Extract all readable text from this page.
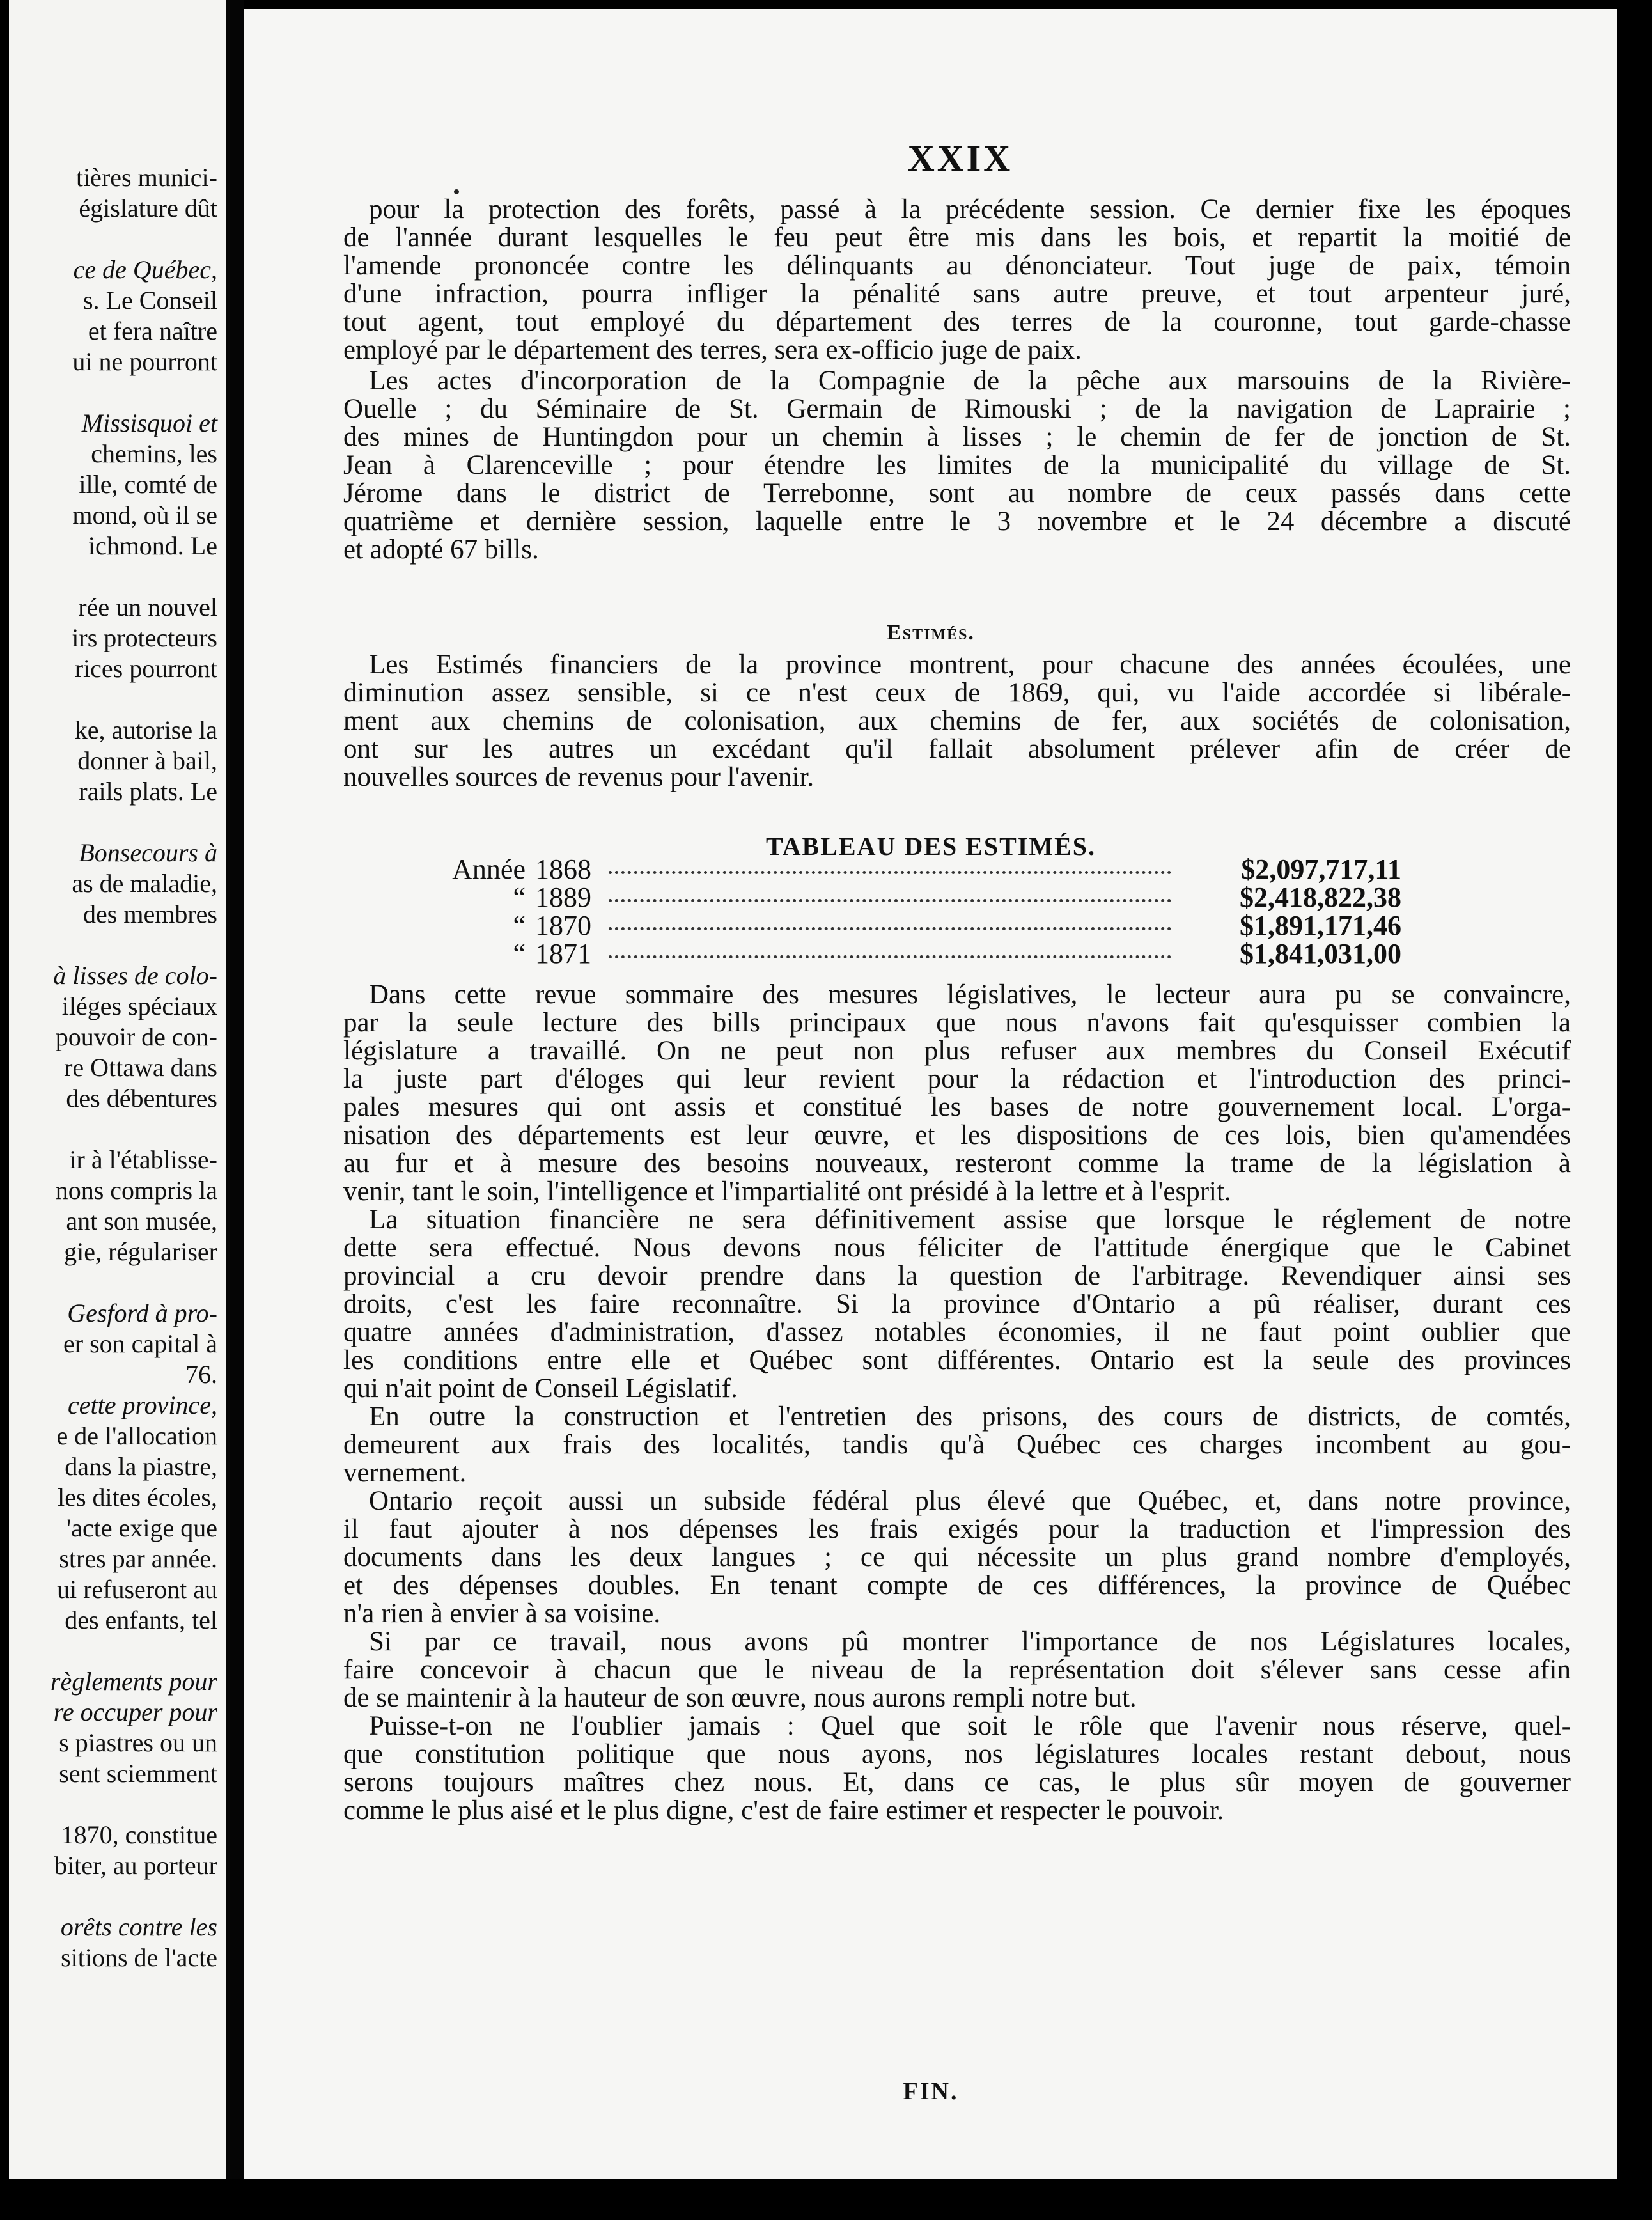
tières munici-
égislature dût
ce de Québec,
s. Le Conseil
et fera naître
ui ne pourront
Missisquoi et
chemins, les
ille, comté de
mond, où il se
ichmond. Le
rée un nouvel
irs protecteurs
rices pourront
ke, autorise la
donner à bail,
rails plats. Le
Bonsecours à
as de maladie,
des membres
à lisses de colo-
iléges spéciaux
pouvoir de con-
re Ottawa dans
des débentures
ir à l'établisse-
nons compris la
ant son musée,
gie, régulariser
Gesford à pro-
er son capital à
76.
cette province,
e de l'allocation
dans la piastre,
les dites écoles,
'acte exige que
stres par année.
ui refuseront au
des enfants, tel
règlements pour
re occuper pour
s piastres ou un
sent sciemment
1870, constitue
biter, au porteur
orêts contre les
sitions de l'acte
XXIX
pour la protection des forêts, passé à la précédente session. Ce dernier fixe les époques
de l'année durant lesquelles le feu peut être mis dans les bois, et repartit la moitié de
l'amende prononcée contre les délinquants au dénonciateur. Tout juge de paix, témoin
d'une infraction, pourra infliger la pénalité sans autre preuve, et tout arpenteur juré,
tout agent, tout employé du département des terres de la couronne, tout garde-chasse
employé par le département des terres, sera ex-officio juge de paix.
Les actes d'incorporation de la Compagnie de la pêche aux marsouins de la Rivière-
Ouelle ; du Séminaire de St. Germain de Rimouski ; de la navigation de Laprairie ;
des mines de Huntingdon pour un chemin à lisses ; le chemin de fer de jonction de St.
Jean à Clarenceville ; pour étendre les limites de la municipalité du village de St.
Jérome dans le district de Terrebonne, sont au nombre de ceux passés dans cette
quatrième et dernière session, laquelle entre le 3 novembre et le 24 décembre a discuté
et adopté 67 bills.
Estimés.
Les Estimés financiers de la province montrent, pour chacune des années écoulées, une
diminution assez sensible, si ce n'est ceux de 1869, qui, vu l'aide accordée si libérale-
ment aux chemins de colonisation, aux chemins de fer, aux sociétés de colonisation,
ont sur les autres un excédant qu'il fallait absolument prélever afin de créer de
nouvelles sources de revenus pour l'avenir.
TABLEAU DES ESTIMÉS.
Année 1868	$2,097,717,11
“ 1889	$2,418,822,38
“ 1870	$1,891,171,46
“ 1871	$1,841,031,00
Dans cette revue sommaire des mesures législatives, le lecteur aura pu se convaincre,
par la seule lecture des bills principaux que nous n'avons fait qu'esquisser combien la
législature a travaillé. On ne peut non plus refuser aux membres du Conseil Exécutif
la juste part d'éloges qui leur revient pour la rédaction et l'introduction des princi-
pales mesures qui ont assis et constitué les bases de notre gouvernement local. L'orga-
nisation des départements est leur œuvre, et les dispositions de ces lois, bien qu'amendées
au fur et à mesure des besoins nouveaux, resteront comme la trame de la législation à
venir, tant le soin, l'intelligence et l'impartialité ont présidé à la lettre et à l'esprit.
La situation financière ne sera définitivement assise que lorsque le réglement de notre
dette sera effectué. Nous devons nous féliciter de l'attitude énergique que le Cabinet
provincial a cru devoir prendre dans la question de l'arbitrage. Revendiquer ainsi ses
droits, c'est les faire reconnaître. Si la province d'Ontario a pû réaliser, durant ces
quatre années d'administration, d'assez notables économies, il ne faut point oublier que
les conditions entre elle et Québec sont différentes. Ontario est la seule des provinces
qui n'ait point de Conseil Législatif.
En outre la construction et l'entretien des prisons, des cours de districts, de comtés,
demeurent aux frais des localités, tandis qu'à Québec ces charges incombent au gou-
vernement.
Ontario reçoit aussi un subside fédéral plus élevé que Québec, et, dans notre province,
il faut ajouter à nos dépenses les frais exigés pour la traduction et l'impression des
documents dans les deux langues ; ce qui nécessite un plus grand nombre d'employés,
et des dépenses doubles. En tenant compte de ces différences, la province de Québec
n'a rien à envier à sa voisine.
Si par ce travail, nous avons pû montrer l'importance de nos Législatures locales,
faire concevoir à chacun que le niveau de la représentation doit s'élever sans cesse afin
de se maintenir à la hauteur de son œuvre, nous aurons rempli notre but.
Puisse-t-on ne l'oublier jamais : Quel que soit le rôle que l'avenir nous réserve, quel-
que constitution politique que nous ayons, nos législatures locales restant debout, nous
serons toujours maîtres chez nous. Et, dans ce cas, le plus sûr moyen de gouverner
comme le plus aisé et le plus digne, c'est de faire estimer et respecter le pouvoir.
FIN.
